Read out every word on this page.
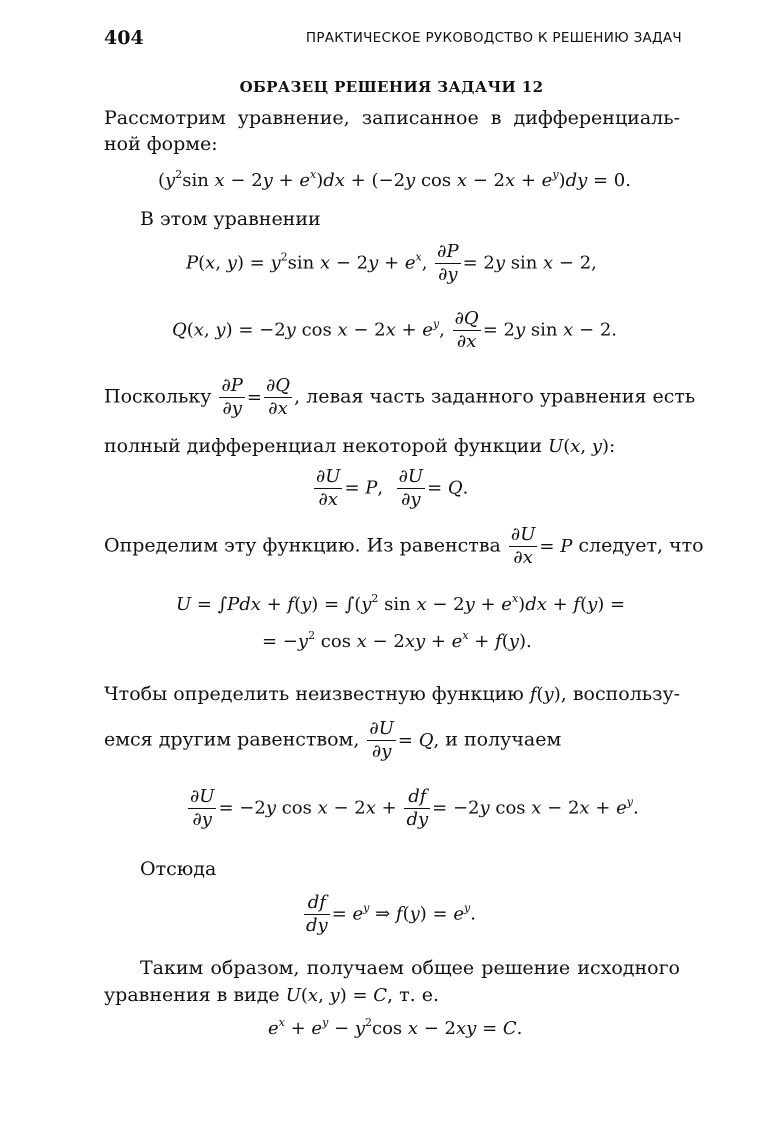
404	ПРАКТИЧЕСКОЕ РУКОВОДСТВО К РЕШЕНИЮ ЗАДАЧ
ОБРАЗЕЦ РЕШЕНИЯ ЗАДАЧИ 12
Рассмотрим уравнение, записанное в дифференциаль-
ной форме:
($y^2\sin$ $x - 2y + e^x)dx + (-2y$ $\cos x - 2x + e^y)dy = 0$.
В этом уравнении
P(x, $y) = y^2\sin$ $x - 2y + e^x$, $\frac{\partial P}{\partial y} = 2y$ sin x − 2,
Q(x, y) = −2y $\cos x - 2x + e^y$, $\frac{\partial Q}{\partial x} = 2y$ sin x − 2.
Поскольку $\frac{\partial P}{\partial y} = \frac{\partial Q}{\partial x}$ , левая часть заданного уравнения есть
полный дифференциал некоторой функции U(x, y):
$\frac{\partial U}{\partial x} = P$, $\frac{\partial U}{\partial y} = Q$.
Определим эту функцию. Из равенства $\frac{\partial U}{\partial x} = P$ следует, что
$U = \int Pdx + f(y) = \int(y^2$ $\sin x - 2y + e^x)dx + f(y)$ =
= $-y^2$ $\cos x - 2xy + e^x + f(y)$.
Чтобы определить неизвестную функцию f(y), воспользу-
емся другим равенством, $\frac{\partial U}{\partial y} = Q$, и получаем
$\frac{\partial U}{\partial y} = -2y$ $\cos x - 2x + \frac{df}{dy} = -2y$ $\cos x - 2x + e^y$.
Отсюда
$\frac{df}{dy} = e^y$ ⇒ $f(y) = e^y$.
Таким образом, получаем общее решение исходного
уравнения в виде U(x, y) = C, т. е.
$e^x + e^y - y^2\cos$ x − 2xy = C.
